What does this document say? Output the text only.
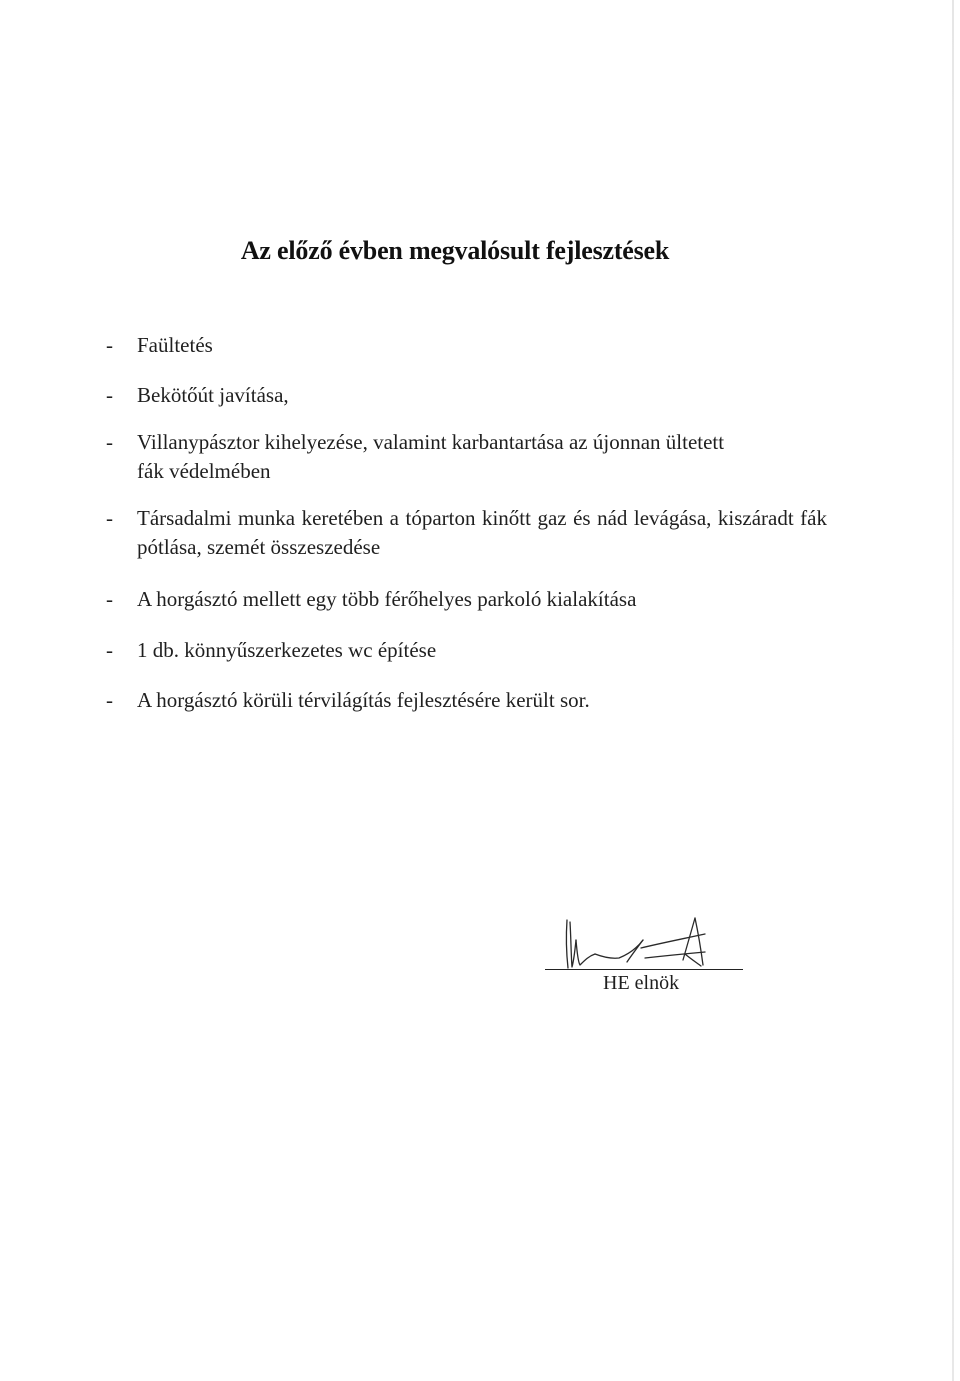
Az előző évben megvalósult fejlesztések
- Faültetés
- Bekötőút javítása,
- Villanypásztor kihelyezése, valamint karbantartása az újonnan ültetett fák védelmében
- Társadalmi munka keretében a tóparton kinőtt gaz és nád levágása, kiszáradt fák pótlása, szemét összeszedése
- A horgásztó mellett egy több férőhelyes parkoló kialakítása
- 1 db. könnyűszerkezetes wc építése
- A horgásztó körüli térvilágítás fejlesztésére került sor.
HE elnök
